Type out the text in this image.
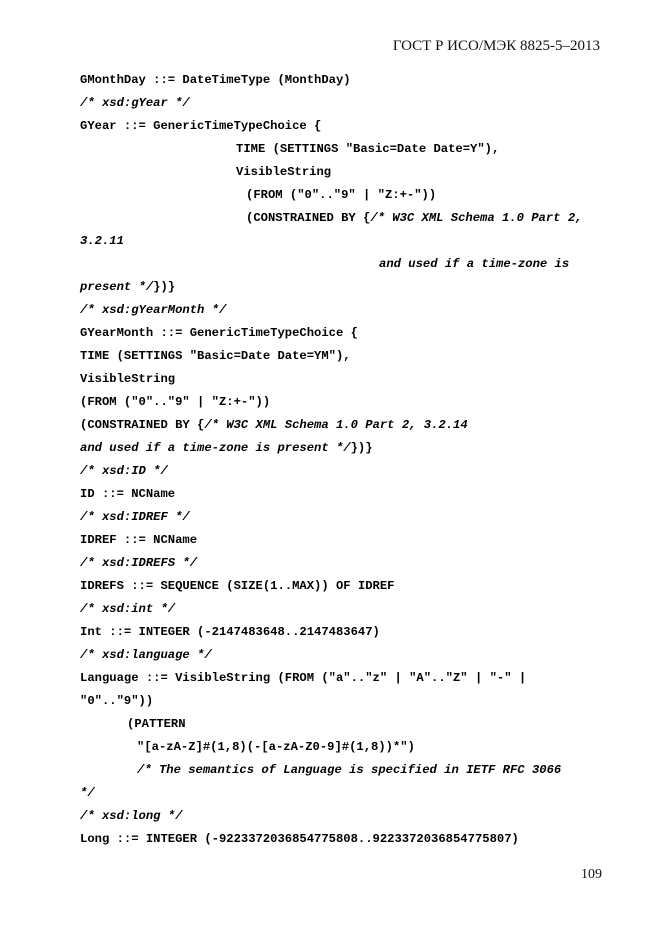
ГОСТ Р ИСО/МЭК 8825-5–2013
GMonthDay ::= DateTimeType (MonthDay)
/* xsd:gYear */
GYear ::= GenericTimeTypeChoice {
TIME (SETTINGS "Basic=Date Date=Y"),
VisibleString
(FROM ("0".."9" | "Z:+-"))
(CONSTRAINED BY {/* W3C XML Schema 1.0 Part 2,
3.2.11
and used if a time-zone is
present */})}
/* xsd:gYearMonth */
GYearMonth ::= GenericTimeTypeChoice {
TIME (SETTINGS "Basic=Date Date=YM"),
VisibleString
(FROM ("0".."9" | "Z:+-"))
(CONSTRAINED BY {/* W3C XML Schema 1.0 Part 2, 3.2.14
and used if a time-zone is present */})}
/* xsd:ID */
ID ::= NCName
/* xsd:IDREF */
IDREF ::= NCName
/* xsd:IDREFS */
IDREFS ::= SEQUENCE (SIZE(1..MAX)) OF IDREF
/* xsd:int */
Int ::= INTEGER (-2147483648..2147483647)
/* xsd:language */
Language ::= VisibleString (FROM ("a".."z" | "A".."Z" | "-" |
"0".."9"))
(PATTERN
"[a-zA-Z]#(1,8)(-[a-zA-Z0-9]#(1,8))*")
/* The semantics of Language is specified in IETF RFC 3066
*/
/* xsd:long */
Long ::= INTEGER (-9223372036854775808..9223372036854775807)
109
